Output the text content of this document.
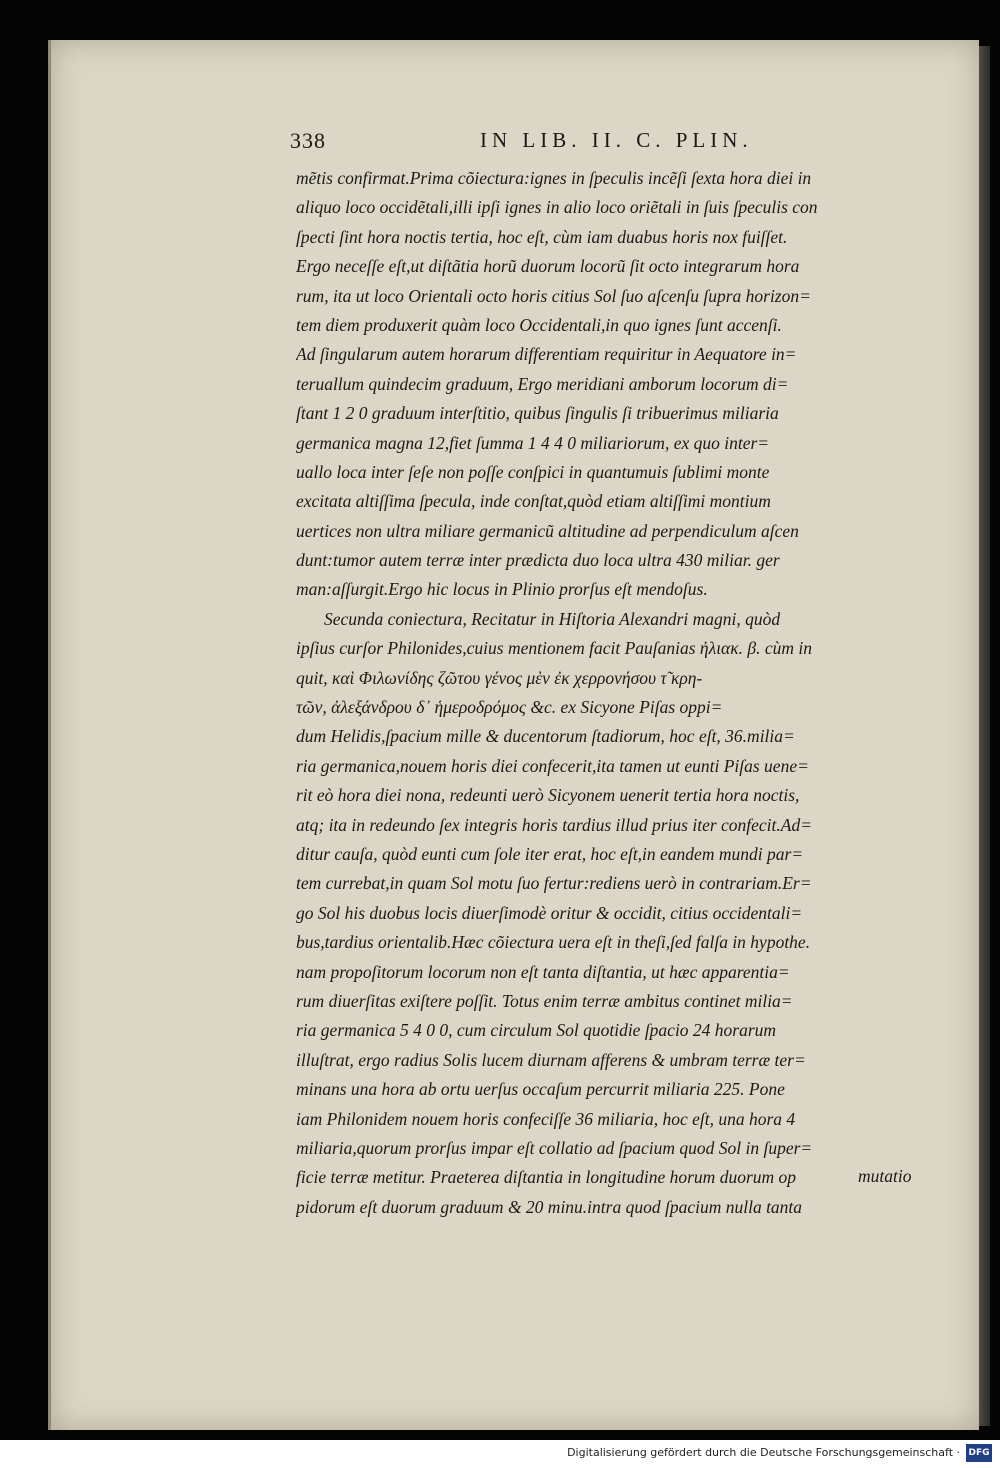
338	IN LIB. II. C. PLIN.
mẽtis confirmat.Prima cõiectura:ignes in ſpeculis incẽſi ſexta hora diei in
aliquo loco occidẽtali,illi ipſi ignes in alio loco oriẽtali in ſuis ſpeculis con
ſpecti ſint hora noctis tertia, hoc eſt, cùm iam duabus horis nox fuiſſet.
Ergo neceſſe eſt,ut diſtãtia horũ duorum locorũ ſit octo integrarum hora
rum, ita ut loco Orientali octo horis citius Sol ſuo aſcenſu ſupra horizon=
tem diem produxerit quàm loco Occidentali,in quo ignes ſunt accenſi.
Ad ſingularum autem horarum differentiam requiritur in Aequatore in=
teruallum quindecim graduum, Ergo meridiani amborum locorum di=
ſtant 1 2 0 graduum interſtitio, quibus ſingulis ſi tribuerimus miliaria
germanica magna 12,fiet ſumma 1 4 4 0 miliariorum, ex quo inter=
uallo loca inter ſeſe non poſſe conſpici in quantumuis ſublimi monte
excitata altiſſima ſpecula, inde conſtat,quòd etiam altiſſimi montium
uertices non ultra miliare germanicũ altitudine ad perpendiculum aſcen
dunt:tumor autem terræ inter prædicta duo loca ultra 430 miliar. ger
man:aſſurgit.Ergo hic locus in Plinio prorſus eſt mendoſus.
Secunda coniectura, Recitatur in Hiſtoria Alexandri magni, quòd
ipſius curſor Philonides,cuius mentionem facit Pauſanias ἠλιακ. β. cùm in
quit, καὶ Φιλωνίδης ζῶτου γένος μὲν ἐκ χερρονήσου τ̃ κρη-
τῶν, ἀλεξάνδρου δ᾽ ἡμεροδρόμος &c. ex Sicyone Piſas oppi=
dum Helidis,ſpacium mille & ducentorum ſtadiorum, hoc eſt, 36.milia=
ria germanica,nouem horis diei confecerit,ita tamen ut eunti Piſas uene=
rit eò hora diei nona, redeunti uerò Sicyonem uenerit tertia hora noctis,
atq; ita in redeundo ſex integris horis tardius illud prius iter confecit.Ad=
ditur cauſa, quòd eunti cum ſole iter erat, hoc eſt,in eandem mundi par=
tem currebat,in quam Sol motu ſuo fertur:rediens uerò in contrariam.Er=
go Sol his duobus locis diuerſimodè oritur & occidit, citius occidentali=
bus,tardius orientalib.Hæc cõiectura uera eſt in theſi,ſed falſa in hypothe.
nam propoſitorum locorum non eſt tanta diſtantia, ut hæc apparentia=
rum diuerſitas exiſtere poſſit. Totus enim terræ ambitus continet milia=
ria germanica 5 4 0 0, cum circulum Sol quotidie ſpacio 24 horarum
illuſtrat, ergo radius Solis lucem diurnam afferens & umbram terræ ter=
minans una hora ab ortu uerſus occaſum percurrit miliaria 225. Pone
iam Philonidem nouem horis confeciſſe 36 miliaria, hoc eſt, una hora 4
miliaria,quorum prorſus impar eſt collatio ad ſpacium quod Sol in ſuper=
ficie terræ metitur. Praeterea diſtantia in longitudine horum duorum op
pidorum eſt duorum graduum & 20 minu.intra quod ſpacium nulla tanta
mutatio
Digitalisierung gefördert durch die Deutsche Forschungsgemeinschaft · DFG
